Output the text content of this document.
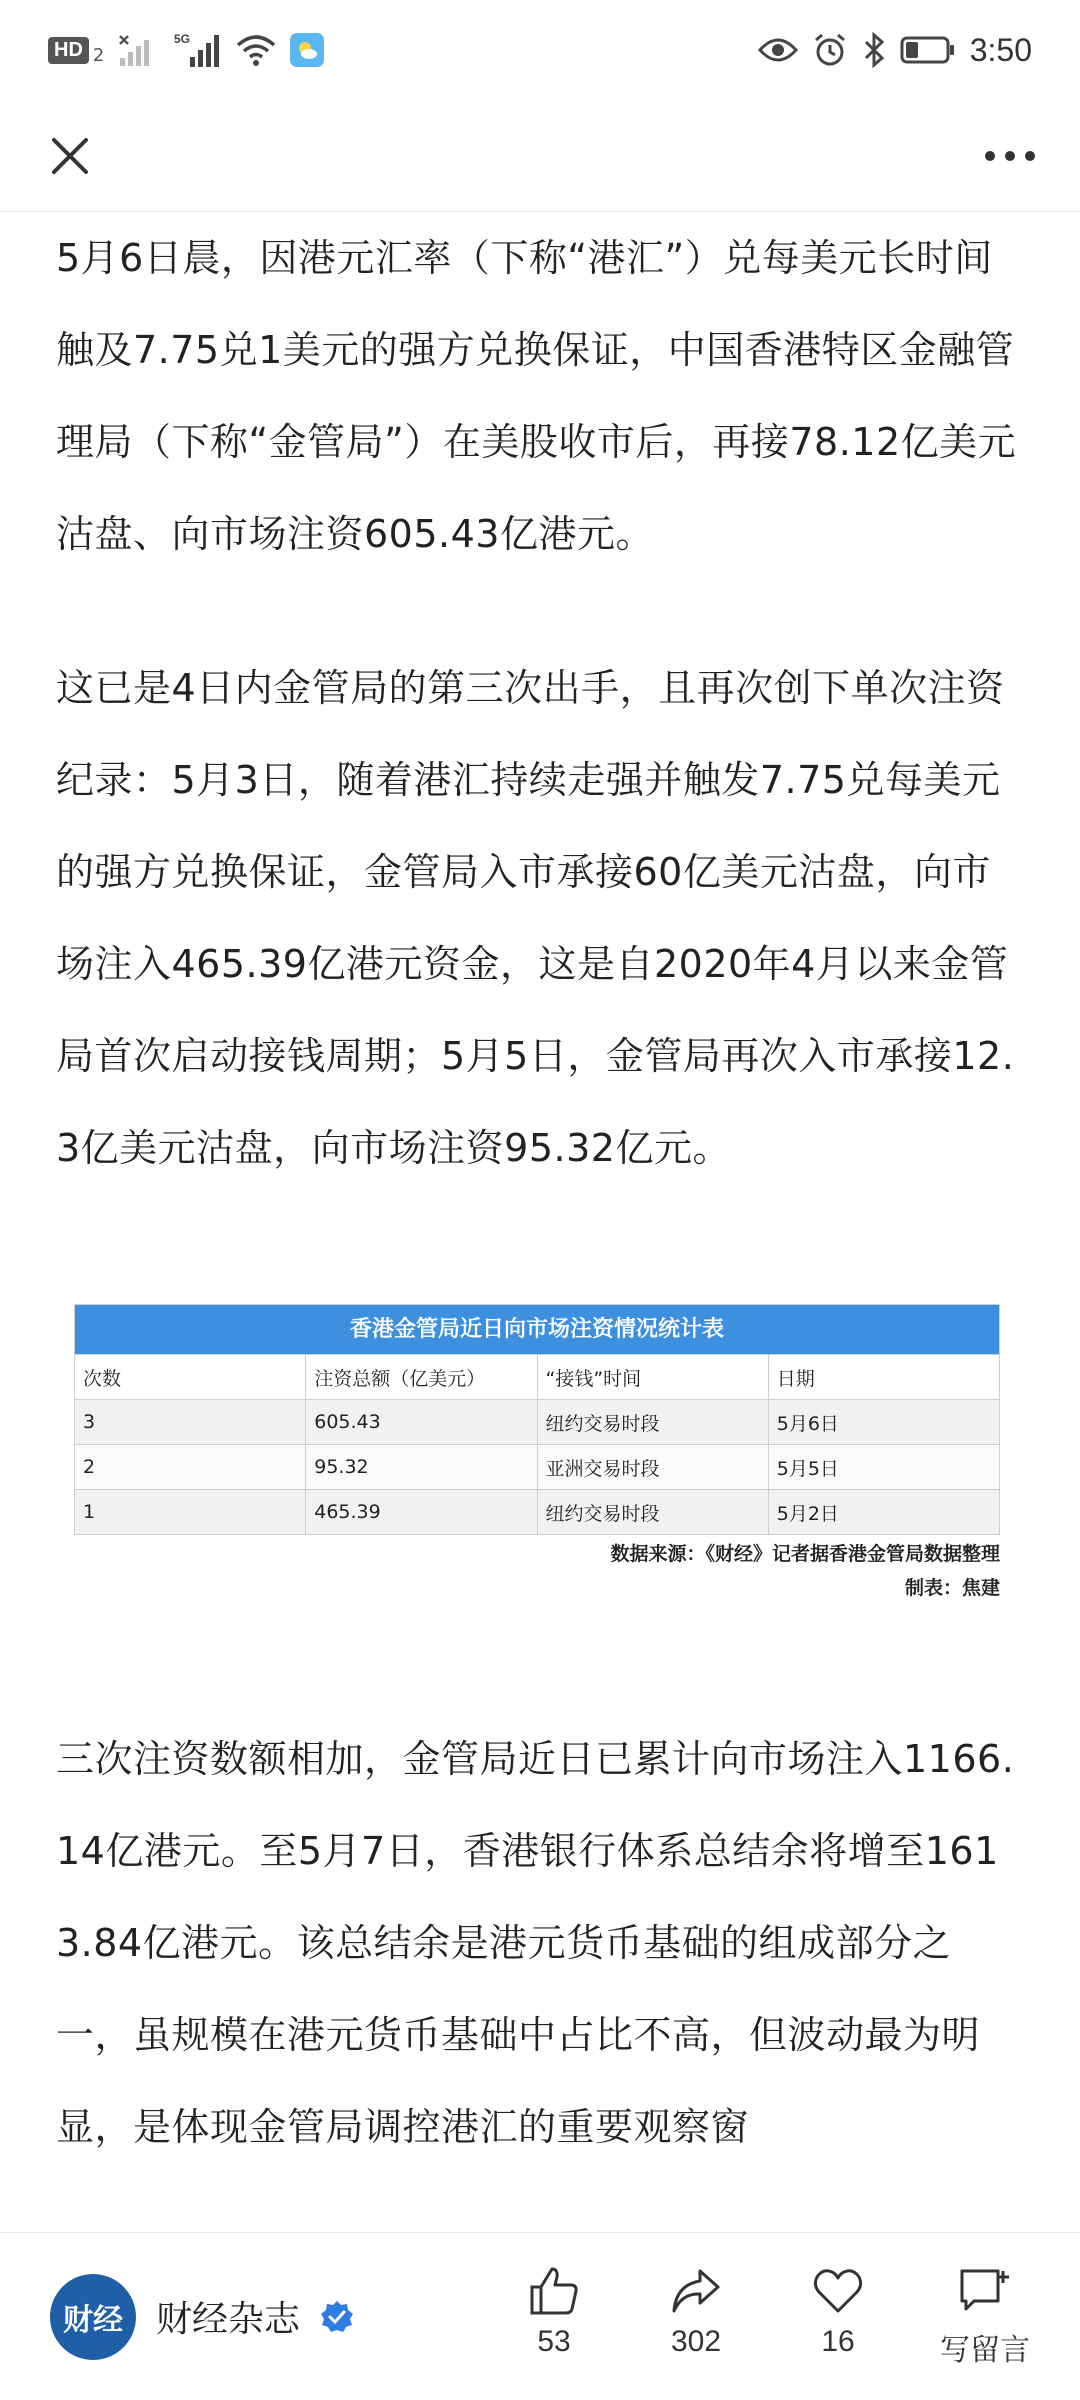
HD 2
5G	3:50

5月6日晨，因港元汇率（下称“港汇”）兑每美元长时间触及7.75兑1美元的强方兑换保证，中国香港特区金融管理局（下称“金管局”）在美股收市后，再接78.12亿美元沽盘、向市场注资605.43亿港元。

这已是4日内金管局的第三次出手，且再次创下单次注资纪录：5月3日，随着港汇持续走强并触发7.75兑每美元的强方兑换保证，金管局入市承接60亿美元沽盘，向市场注入465.39亿港元资金，这是自2020年4月以来金管局首次启动接钱周期；5月5日，金管局再次入市承接12.3亿美元沽盘，向市场注资95.32亿元。

香港金管局近日向市场注资情况统计表
次数	注资总额（亿美元）	“接钱”时间	日期
3	605.43	纽约交易时段	5月6日
2	95.32	亚洲交易时段	5月5日
1	465.39	纽约交易时段	5月2日
数据来源：《财经》记者据香港金管局数据整理
制表：焦建

三次注资数额相加，金管局近日已累计向市场注入1166.14亿港元。至5月7日，香港银行体系总结余将增至1613.84亿港元。该总结余是港元货币基础的组成部分之一，虽规模在港元货币基础中占比不高，但波动最为明显，是体现金管局调控港汇的重要观察窗

财经 财经杂志
53	302	16	写留言
